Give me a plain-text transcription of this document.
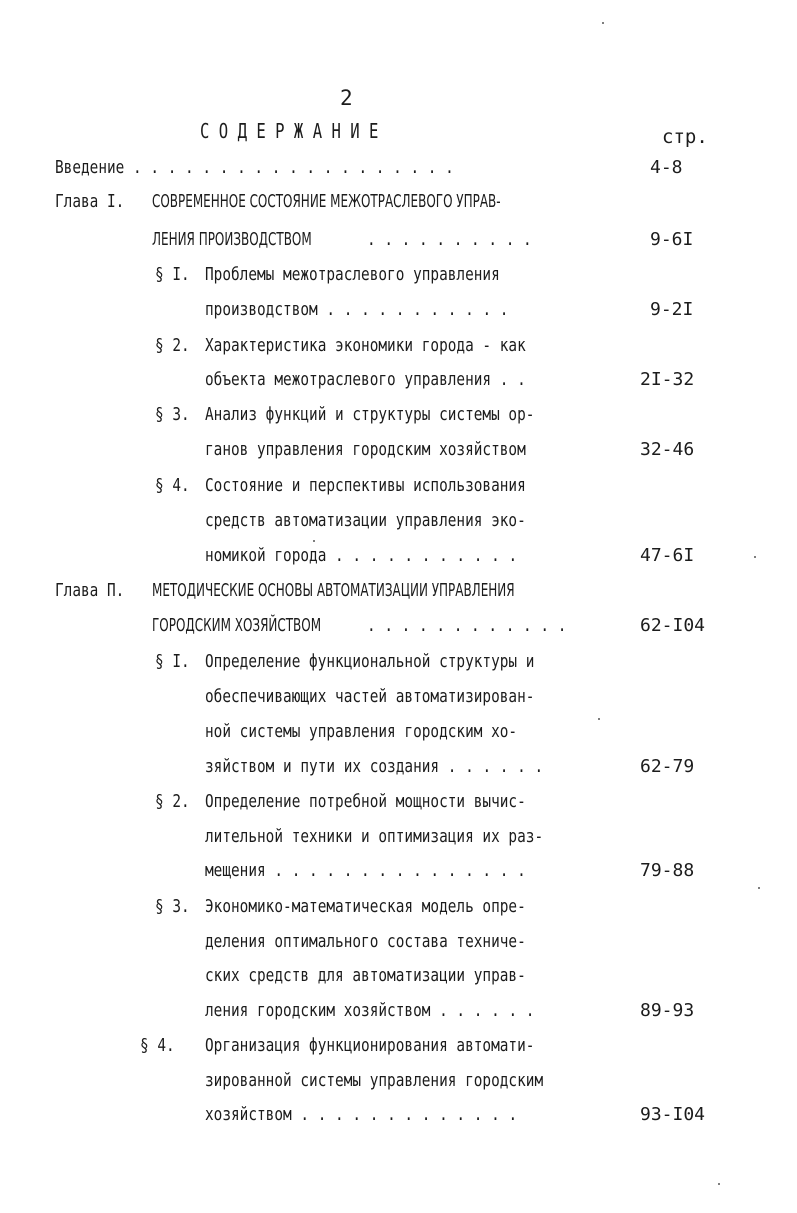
2
С О Д Е Р Ж А Н И Е	стр.
Введение . . . . . . . . . . . . . . . . . . .	4-8
Глава I.	СОВРЕМЕННОЕ СОСТОЯНИЕ МЕЖОТРАСЛЕВОГО УПРАВ-
ЛЕНИЯ ПРОИЗВОДСТВОМ	. . . . . . . . . .	9-6I
§ I. Проблемы межотраслевого управления
производством . . . . . . . . . . .	9-2I
§ 2. Характеристика экономики города - как
объекта межотраслевого управления . .	2I-32
§ 3. Анализ функций и структуры системы ор-
ганов управления городским хозяйством	32-46
§ 4. Состояние и перспективы использования
средств автоматизации управления эко-
номикой города . . . . . . . . . . .	47-6I
Глава П.	МЕТОДИЧЕСКИЕ ОСНОВЫ АВТОМАТИЗАЦИИ УПРАВЛЕНИЯ
ГОРОДСКИМ ХОЗЯЙСТВОМ	. . . . . . . . . . . .	62-I04
§ I. Определение функциональной структуры и
обеспечивающих частей автоматизирован-
ной системы управления городским хо-
зяйством и пути их создания . . . . . .	62-79
§ 2. Определение потребной мощности вычис-
лительной техники и оптимизация их раз-
мещения . . . . . . . . . . . . . . .	79-88
§ 3. Экономико-математическая модель опре-
деления оптимального состава техниче-
ских средств для автоматизации управ-
ления городским хозяйством . . . . . .	89-93
§ 4.	Организация функционирования автомати-
зированной системы управления городским
хозяйством . . . . . . . . . . . . .	93-I04
